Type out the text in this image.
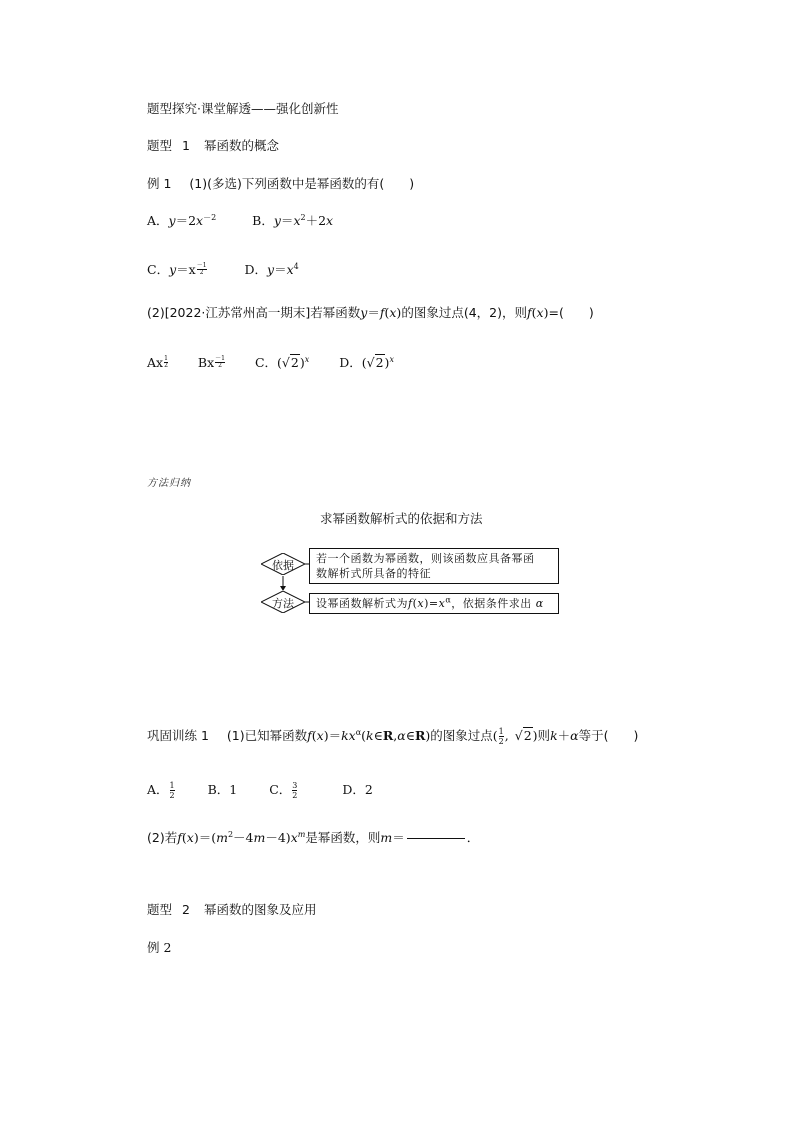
题型探究·课堂解透——强化创新性
题型 1 幂函数的概念
例 1 (1)(多选)下列函数中是幂函数的有(　　)
A．$y=2x^{-2}$	B．$y=x^2+2x$
C．$y=x \frac{-1}{2}$	D．$y=x^4$
(2)[2022·江苏常州高一期末]若幂函数y＝f(x)的图象过点(4，2)，则f(x)=(　　)
Ax $\frac{1}{2}$ Bx $\frac{-1}{2}$ C．$(√2)^x$ D．$(√2)^x$
方法归纳
求幂函数解析式的依据和方法
依据
若一个函数为幂函数，则该函数应具备幂函
数解析式所具备的特征
方法	设幂函数解析式为$f(x)=x^\alpha$，依据条件求出 α
巩固训练 1 (1)已知幂函数$f(x)=kx^\alpha(k\in R,\alpha\in R)$的图象过点( $\frac{1}{2}$ , √2)则k＋α等于(　　)
A． $\frac{1}{2}$	B．1	C． $\frac{3}{2}$	D．2
(2)若$f(x)=(m^2-4m-4)x^m$是幂函数，则m＝	．
题型 2 幂函数的图象及应用
例 2
